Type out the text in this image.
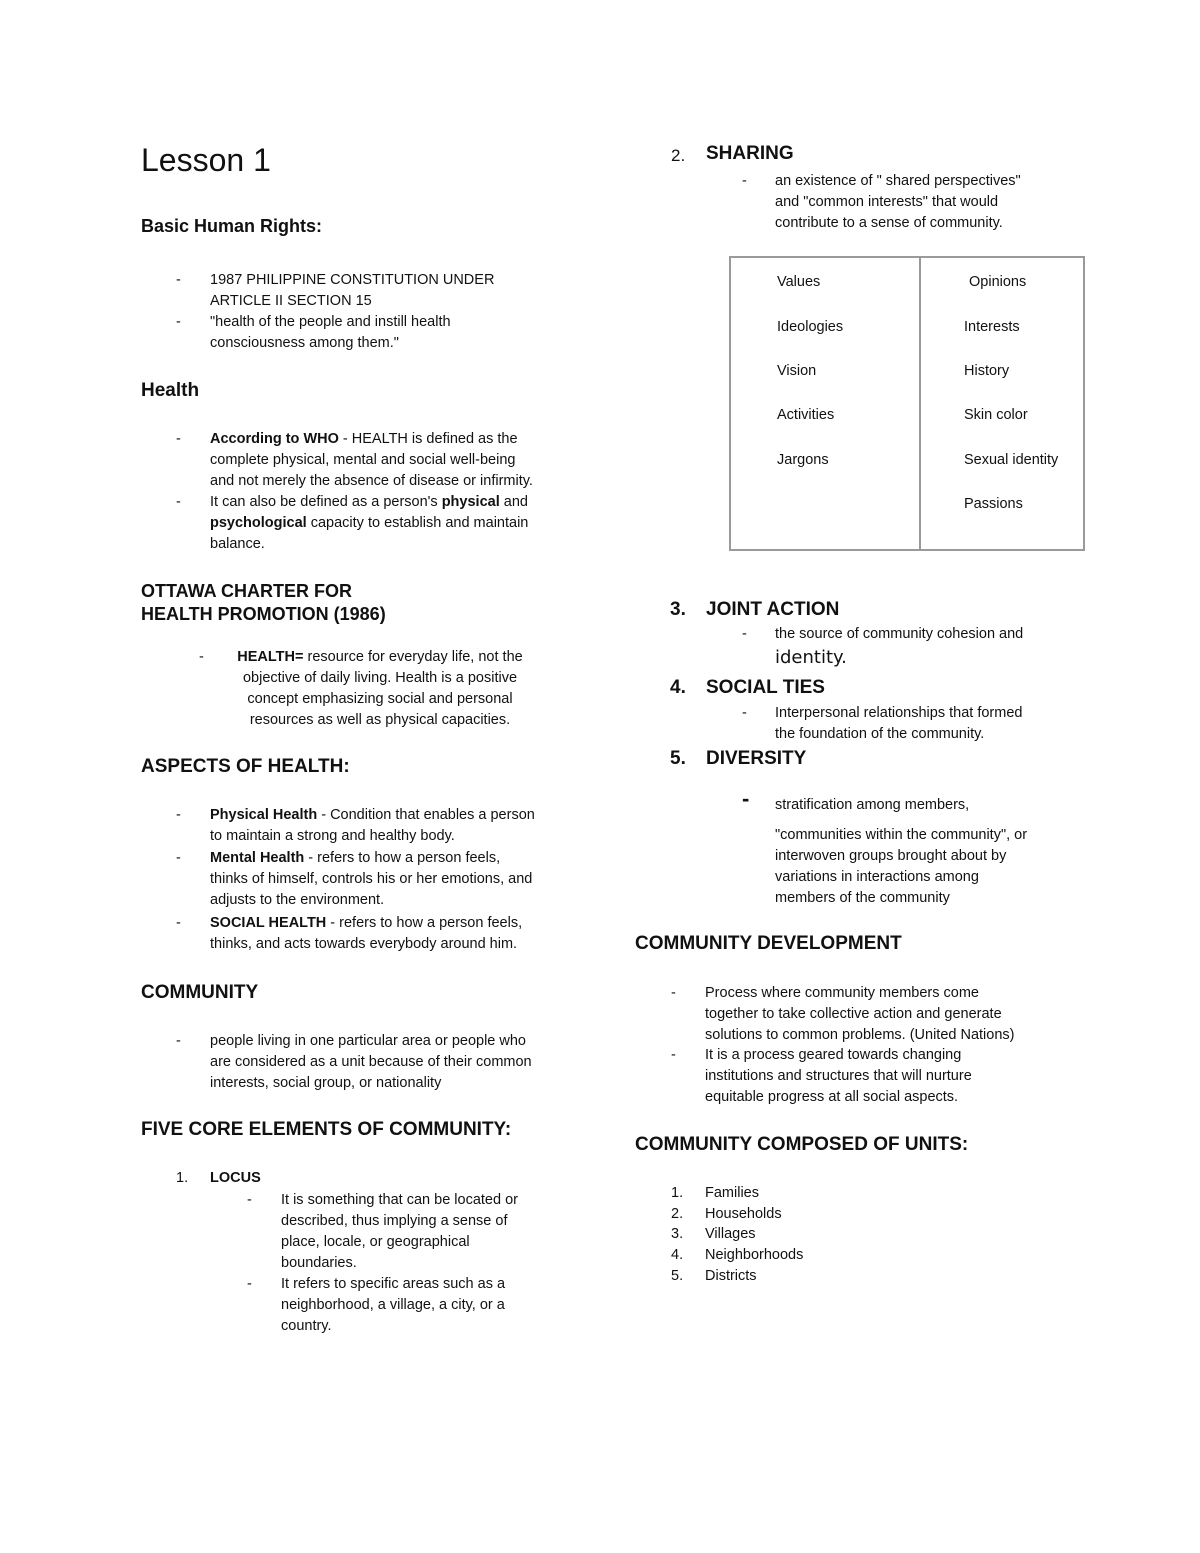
Lesson 1
Basic Human Rights:
- 1987 PHILIPPINE CONSTITUTION UNDER
ARTICLE II SECTION 15
- "health of the people and instill health
consciousness among them."
Health
- According to WHO - HEALTH is defined as the
complete physical, mental and social well-being
and not merely the absence of disease or infirmity.
- It can also be defined as a person's physical and
psychological capacity to establish and maintain
balance.
OTTAWA CHARTER FOR
HEALTH PROMOTION (1986)
-	HEALTH= resource for everyday life, not the
objective of daily living. Health is a positive
concept emphasizing social and personal
resources as well as physical capacities.
ASPECTS OF HEALTH:
- Physical Health - Condition that enables a person
to maintain a strong and healthy body.
- Mental Health - refers to how a person feels,
thinks of himself, controls his or her emotions, and
adjusts to the environment.
- SOCIAL HEALTH - refers to how a person feels,
thinks, and acts towards everybody around him.
COMMUNITY
- people living in one particular area or people who
are considered as a unit because of their common
interests, social group, or nationality
FIVE CORE ELEMENTS OF COMMUNITY:
1. LOCUS
- It is something that can be located or
described, thus implying a sense of
place, locale, or geographical
boundaries.
- It refers to specific areas such as a
neighborhood, a village, a city, or a
country.
2. SHARING
- an existence of " shared perspectives"
and "common interests" that would
contribute to a sense of community.
Values
Ideologies
Vision
Activities
Jargons
Opinions
Interests
History
Skin color
Sexual identity
Passions
3. JOINT ACTION
- the source of community cohesion and
identity.
4. SOCIAL TIES
- Interpersonal relationships that formed
the foundation of the community.
5. DIVERSITY
- stratification among members,
"communities within the community", or
interwoven groups brought about by
variations in interactions among
members of the community
COMMUNITY DEVELOPMENT
- Process where community members come
together to take collective action and generate
solutions to common problems. (United Nations)
- It is a process geared towards changing
institutions and structures that will nurture
equitable progress at all social aspects.
COMMUNITY COMPOSED OF UNITS:
1. Families
2. Households
3. Villages
4. Neighborhoods
5. Districts
